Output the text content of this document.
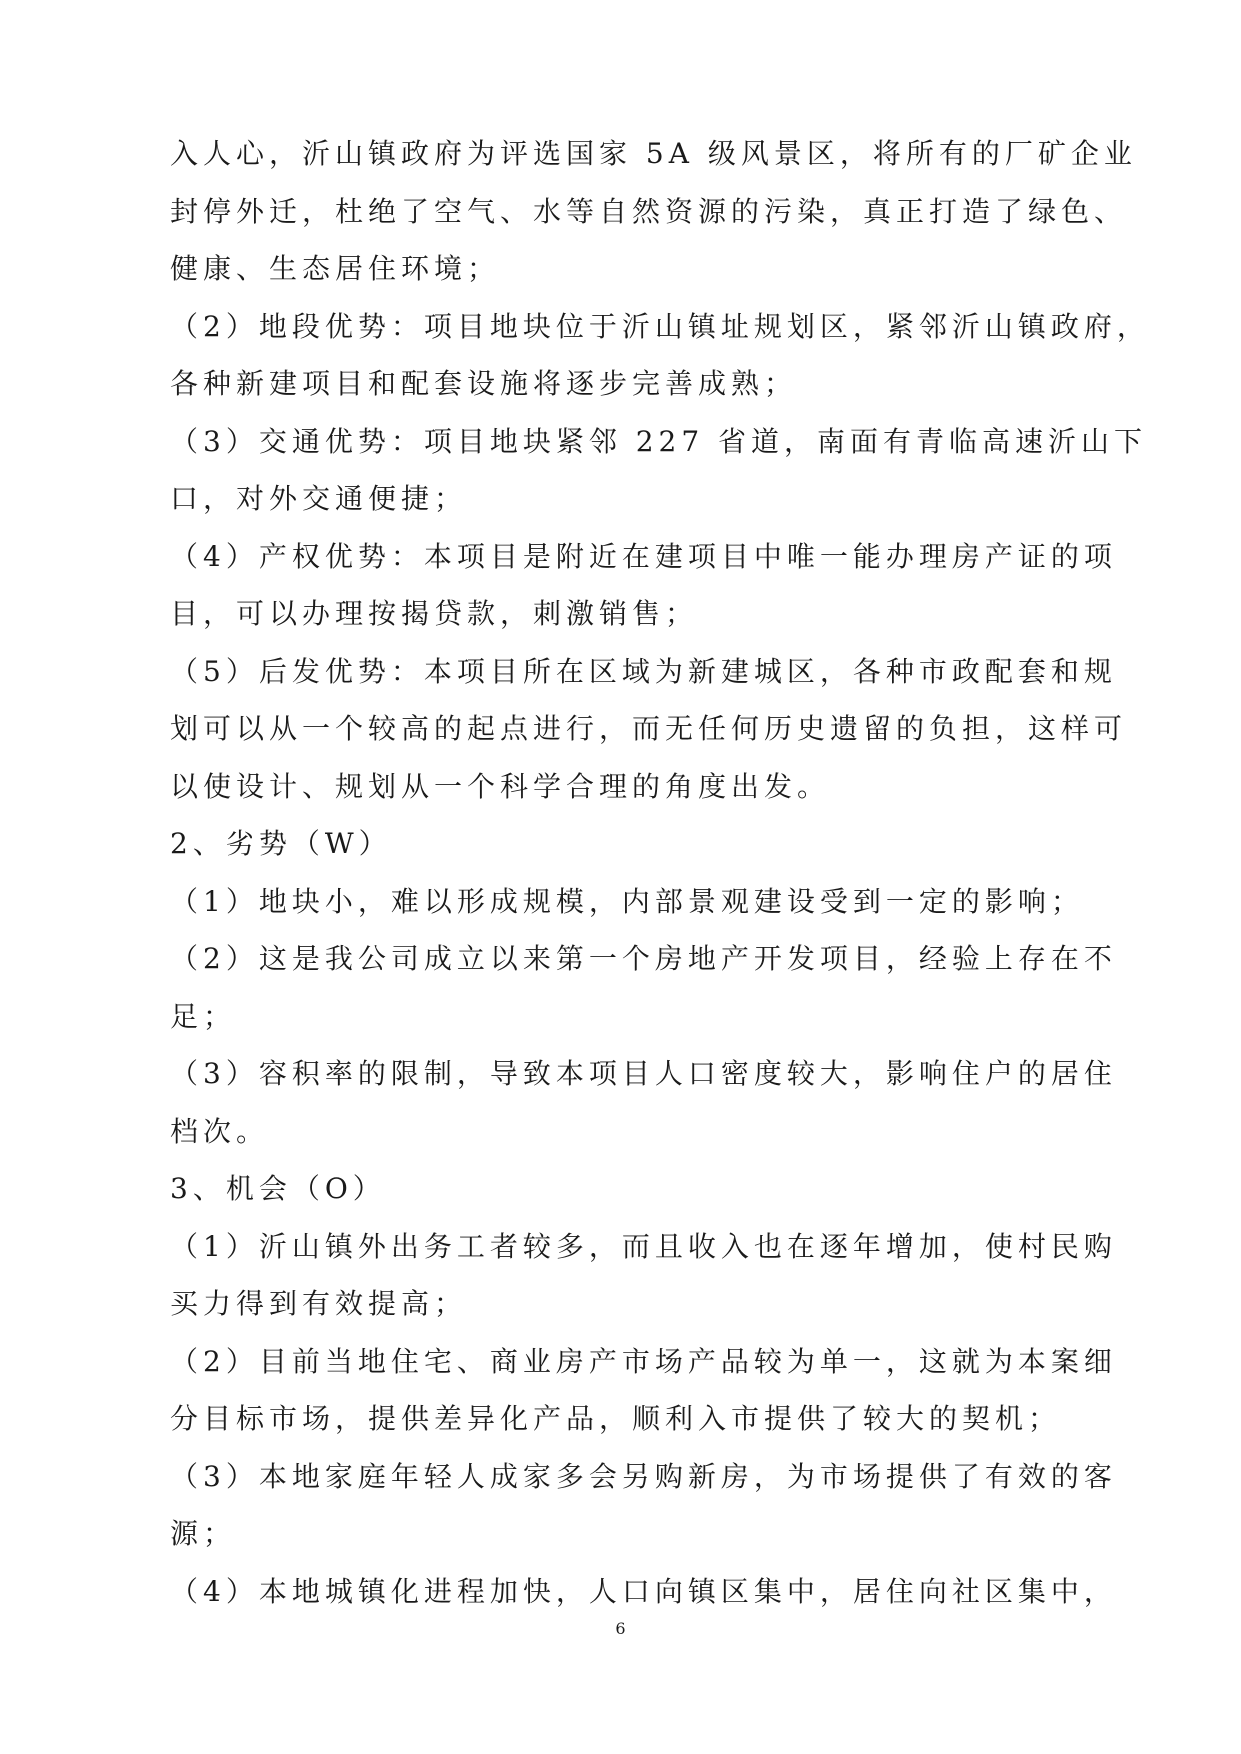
入人心，沂山镇政府为评选国家 5A 级风景区，将所有的厂矿企业
封停外迁，杜绝了空气、水等自然资源的污染，真正打造了绿色、
健康、生态居住环境；
（2）地段优势：项目地块位于沂山镇址规划区，紧邻沂山镇政府，
各种新建项目和配套设施将逐步完善成熟；
（3）交通优势：项目地块紧邻 227 省道，南面有青临高速沂山下
口，对外交通便捷；
（4）产权优势：本项目是附近在建项目中唯一能办理房产证的项
目，可以办理按揭贷款，刺激销售；
（5）后发优势：本项目所在区域为新建城区，各种市政配套和规
划可以从一个较高的起点进行，而无任何历史遗留的负担，这样可
以使设计、规划从一个科学合理的角度出发。
2、劣势（W）
（1）地块小，难以形成规模，内部景观建设受到一定的影响；
（2）这是我公司成立以来第一个房地产开发项目，经验上存在不
足；
（3）容积率的限制，导致本项目人口密度较大，影响住户的居住
档次。
3、机会（O）
（1）沂山镇外出务工者较多，而且收入也在逐年增加，使村民购
买力得到有效提高；
（2）目前当地住宅、商业房产市场产品较为单一，这就为本案细
分目标市场，提供差异化产品，顺利入市提供了较大的契机；
（3）本地家庭年轻人成家多会另购新房，为市场提供了有效的客
源；
（4）本地城镇化进程加快，人口向镇区集中，居住向社区集中，
6
